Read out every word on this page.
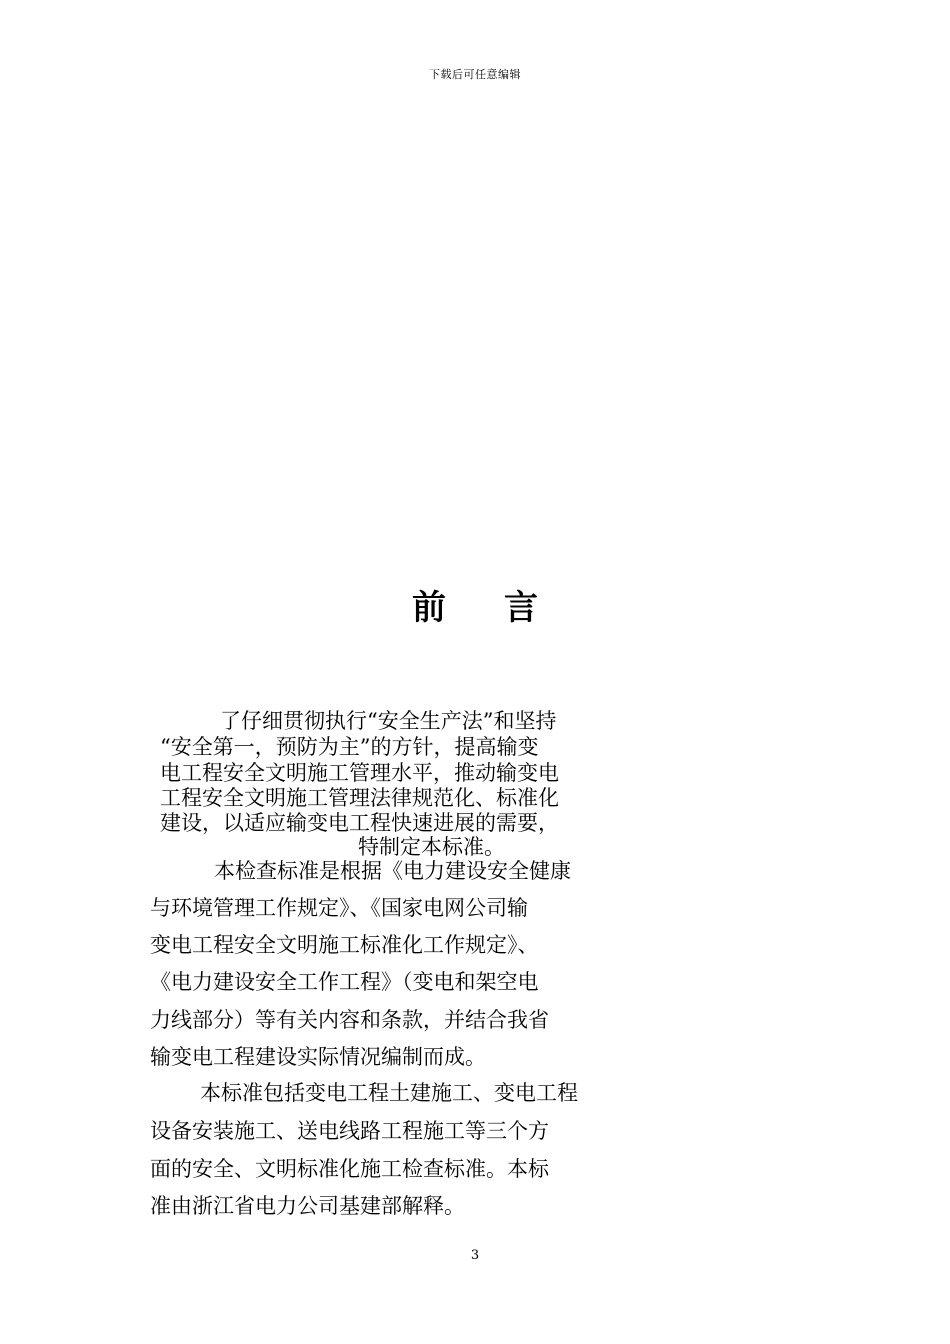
下载后可任意编辑
前言
了仔细贯彻执行“安全生产法”和坚持
“安全第一，预防为主”的方针，提高输变
电工程安全文明施工管理水平，推动输变电
工程安全文明施工管理法律规范化、标准化
建设，以适应输变电工程快速进展的需要，
特制定本标准。
本检查标准是根据《电力建设安全健康
与环境管理工作规定》、《国家电网公司输
变电工程安全文明施工标准化工作规定》、
《电力建设安全工作工程》（变电和架空电
力线部分）等有关内容和条款，并结合我省
输变电工程建设实际情况编制而成。
本标准包括变电工程土建施工、变电工程
设备安装施工、送电线路工程施工等三个方
面的安全、文明标准化施工检查标准。本标
准由浙江省电力公司基建部解释。
3
